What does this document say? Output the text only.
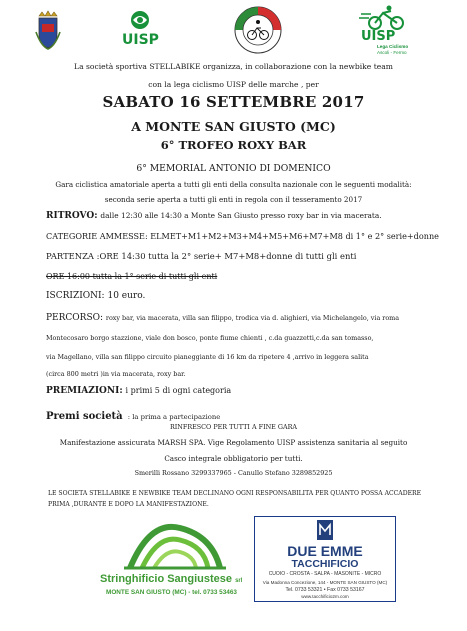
UISP	UISP
Lega Ciclismo
Ascoli - Fermo
La società sportiva STELLABIKE organizza, in collaborazione con la newbike team
con la lega ciclismo UISP delle marche , per
SABATO 16 SETTEMBRE 2017
A MONTE SAN GIUSTO (MC)
6° TROFEO ROXY BAR
6° MEMORIAL ANTONIO DI DOMENICO
Gara ciclistica amatoriale aperta a tutti gli enti della consulta nazionale con le seguenti modalità:
seconda serie aperta a tutti gli enti in regola con il tesseramento 2017
RITROVO: dalle 12:30 alle 14:30 a Monte San Giusto presso roxy bar in via macerata.
CATEGORIE AMMESSE: ELMET+M1+M2+M3+M4+M5+M6+M7+M8 di 1° e 2° serie+donne
PARTENZA :ORE 14:30 tutta la 2° serie+ M7+M8+donne di tutti gli enti
ORE 16:00 tutta la 1° serie di tutti gli enti
ISCRIZIONI: 10 euro.
PERCORSO: roxy bar, via macerata, villa san filippo, trodica via d. alighieri, via Michelangelo, via roma
Montecosaro borgo stazzione, viale don bosco, ponte fiume chienti , c.da guazzetti,c.da san tomasso,
via Magellano, villa san filippo circuito pianeggiante di 16 km da ripetere 4 ,arrivo in leggera salita
(circa 800 metri )in via macerata, roxy bar.
PREMIAZIONI: i primi 5 di ogni categoria
Premi società : la prima a partecipazione
RINFRESCO PER TUTTI A FINE GARA
Manifestazione assicurata MARSH SPA. Vige Regolamento UISP assistenza sanitaria al seguito
Casco integrale obbligatorio per tutti.
Smerilli Rossano 3299337965 - Canullo Stefano 3289852925
LE SOCIETA STELLABIKE E NEWBIKE TEAM DECLINANO OGNI RESPONSABILITA PER QUANTO POSSA ACCADERE
PRIMA ,DURANTE E DOPO LA MANIFESTAZIONE.
Stringhificio Sangiustese srl
MONTE SAN GIUSTO (MC) - tel. 0733 53463
DUE EMME
TACCHIFICIO
CUOIO - CROSTA - SALPA - MASONITE - MICRO
Via Madonna Concezione, 144 - MONTE SAN GIUSTO (MC)
Tel. 0733 53321 • Fax 0733 53167
www.tacchificio2m.com
